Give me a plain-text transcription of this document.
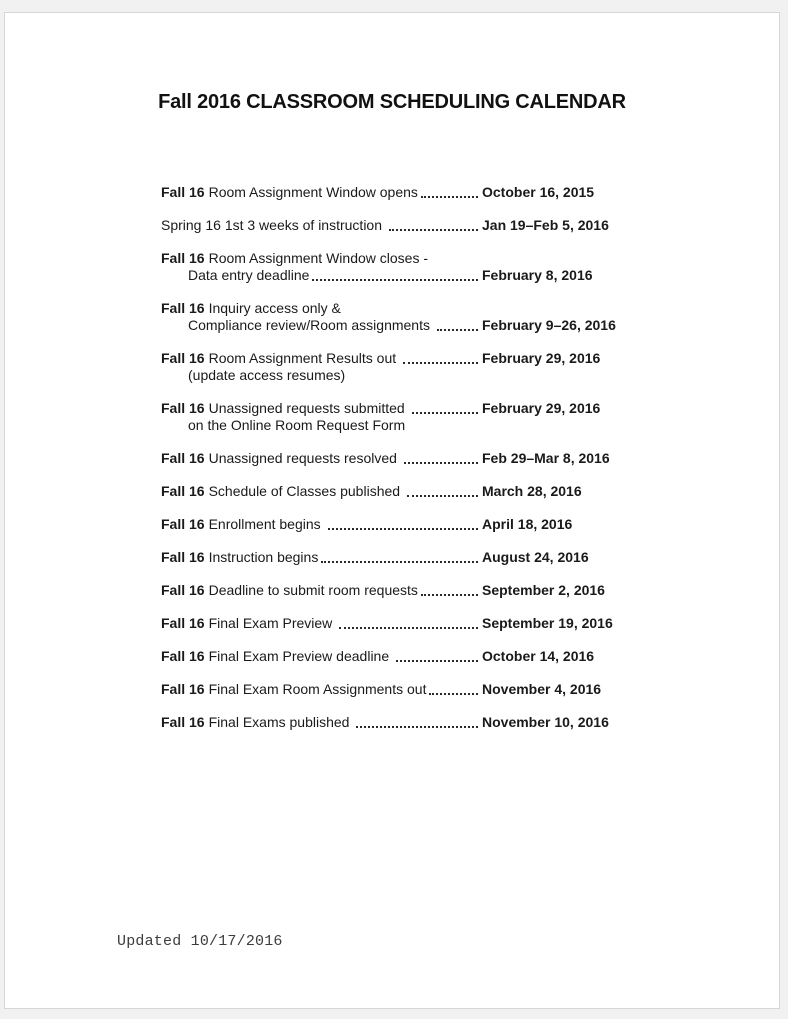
Fall 2016 CLASSROOM SCHEDULING CALENDAR
Fall 16 Room Assignment Window opens	October 16, 2015
Spring 16 1st 3 weeks of instruction	Jan 19–Feb 5, 2016
Fall 16 Room Assignment Window closes -
Data entry deadline	February 8, 2016
Fall 16 Inquiry access only &
Compliance review/Room assignments	February 9–26, 2016
Fall 16 Room Assignment Results out	February 29, 2016
(update access resumes)
Fall 16 Unassigned requests submitted	February 29, 2016
on the Online Room Request Form
Fall 16 Unassigned requests resolved	Feb 29–Mar 8, 2016
Fall 16 Schedule of Classes published	March 28, 2016
Fall 16 Enrollment begins	April 18, 2016
Fall 16 Instruction begins	August 24, 2016
Fall 16 Deadline to submit room requests	September 2, 2016
Fall 16 Final Exam Preview	September 19, 2016
Fall 16 Final Exam Preview deadline	October 14, 2016
Fall 16 Final Exam Room Assignments out	November 4, 2016
Fall 16 Final Exams published	November 10, 2016
Updated 10/17/2016
